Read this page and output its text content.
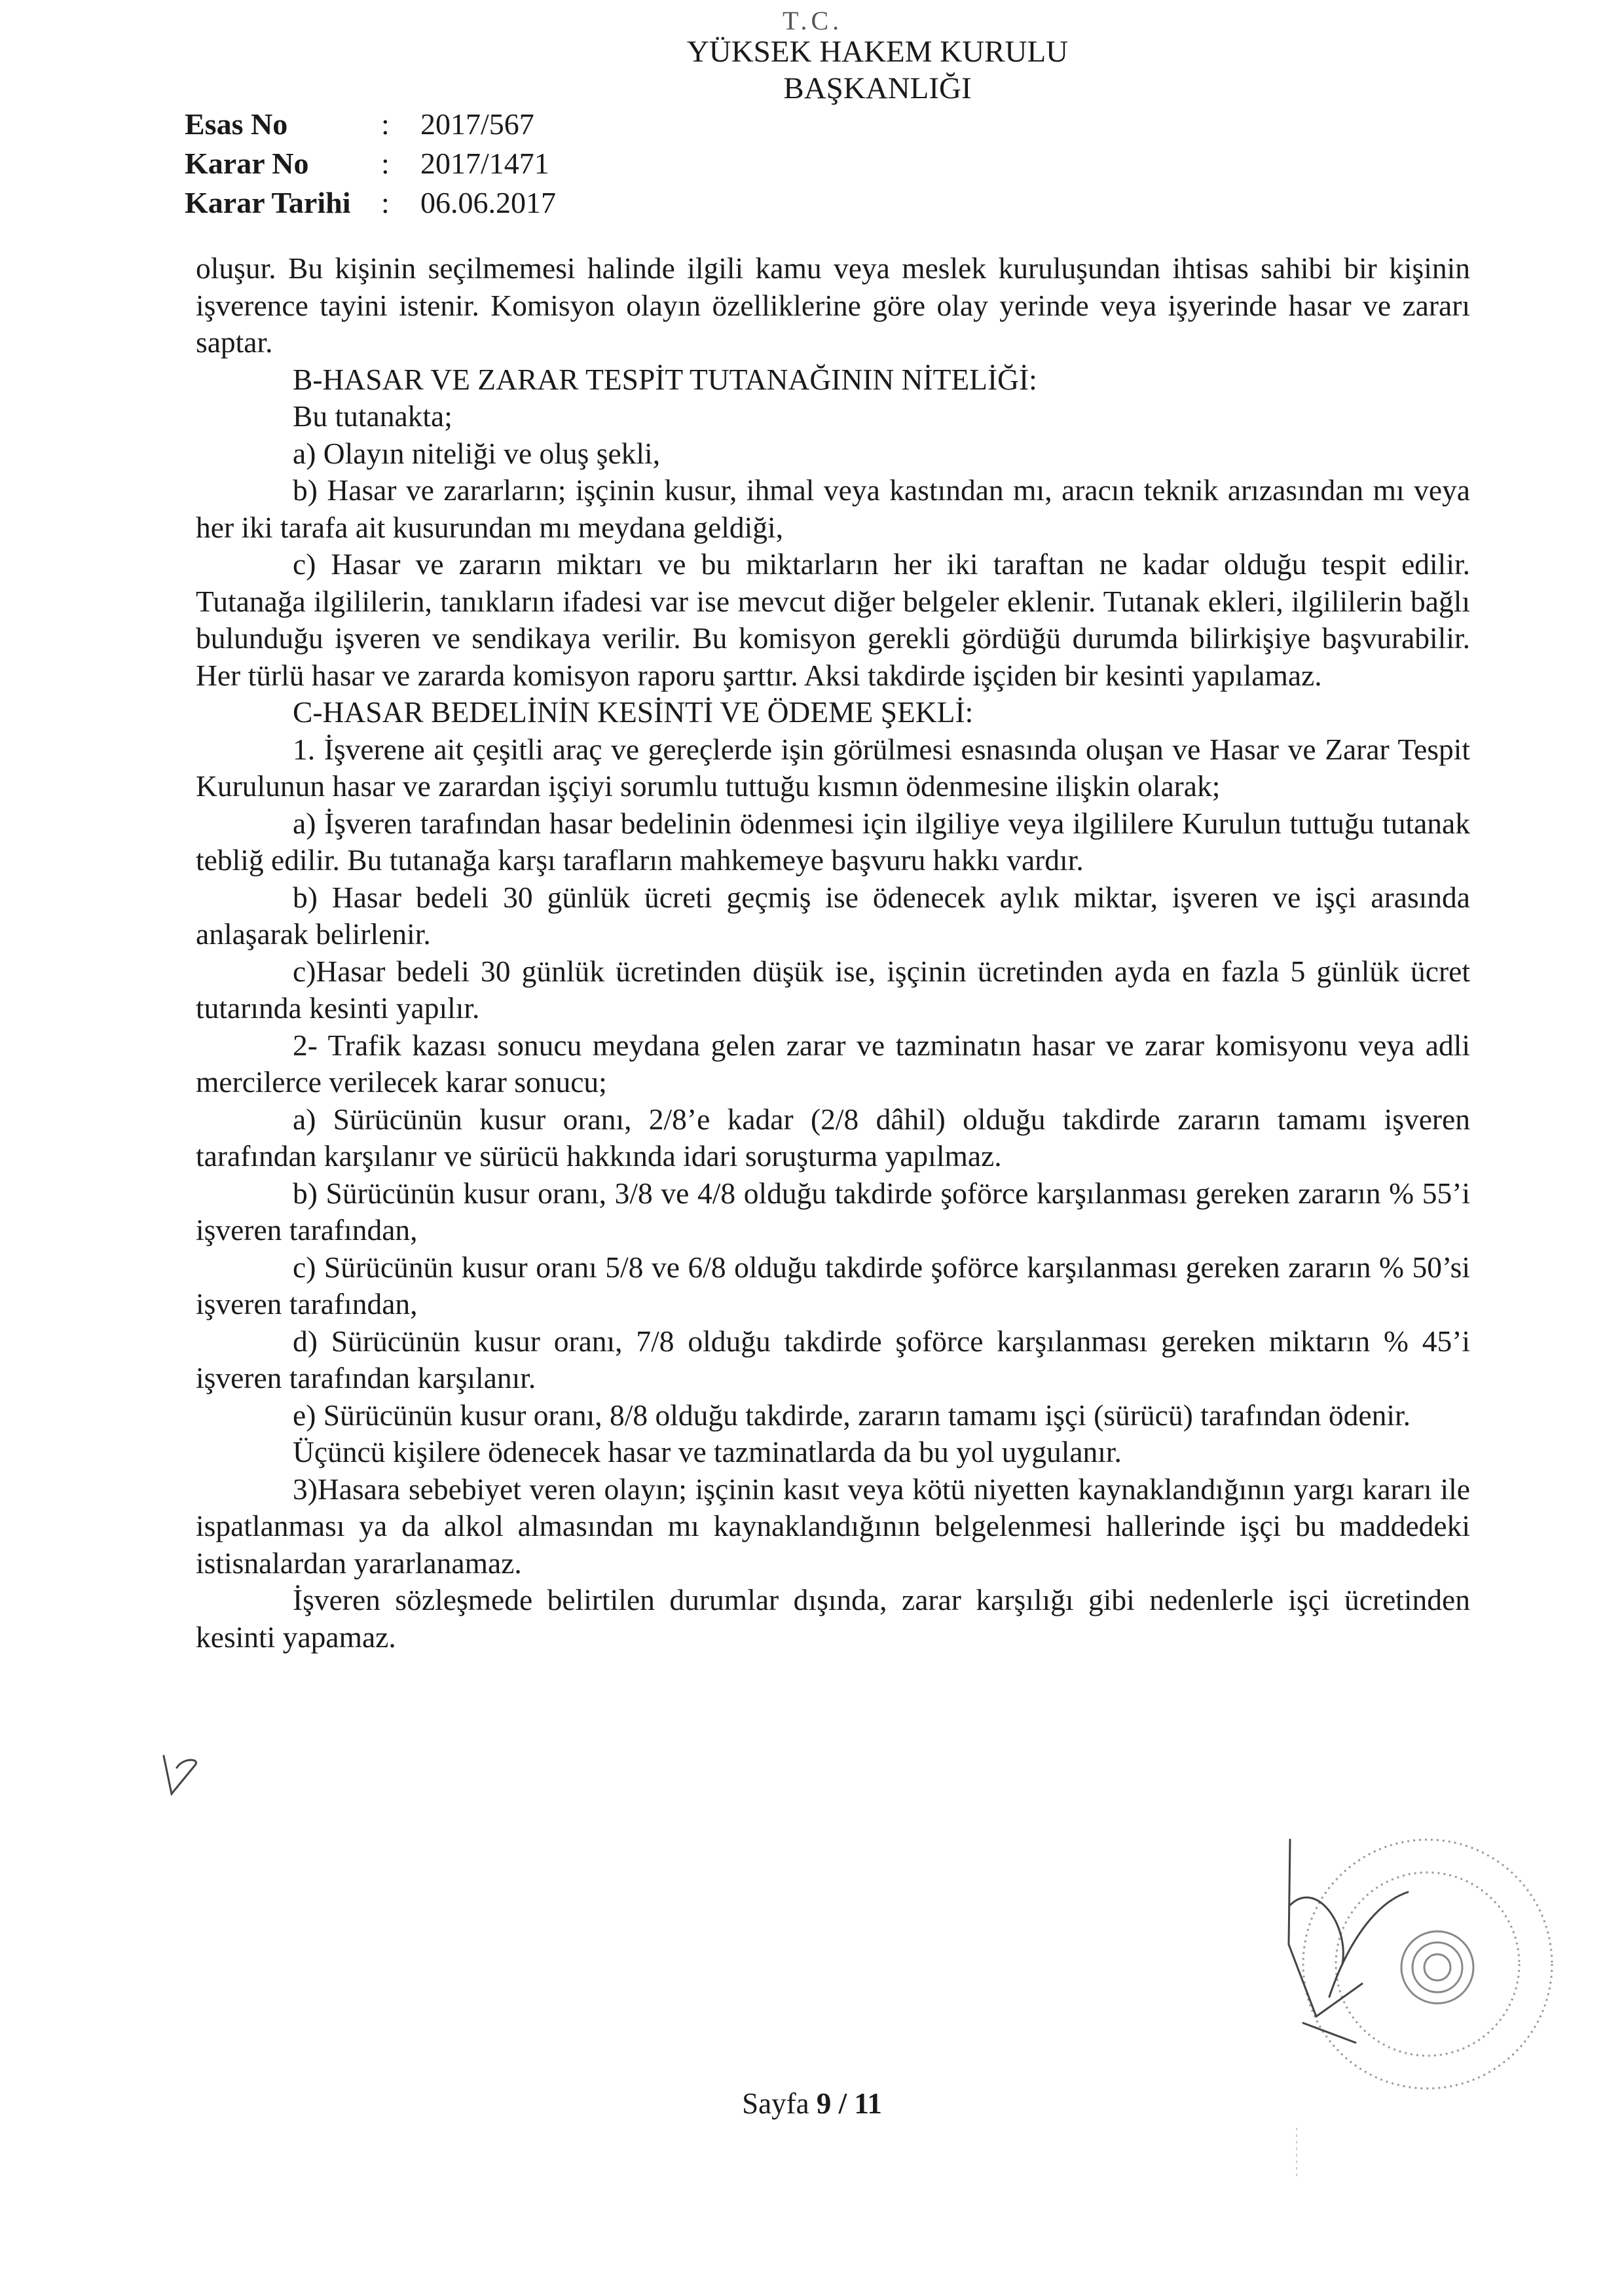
T.C.
YÜKSEK HAKEM KURULU
BAŞKANLIĞI
Esas No	:	2017/567
Karar No	:	2017/1471
Karar Tarihi	:	06.06.2017

oluşur. Bu kişinin seçilmemesi halinde ilgili kamu veya meslek kuruluşundan ihtisas sahibi bir kişinin işverence tayini istenir. Komisyon olayın özelliklerine göre olay yerinde veya işyerinde hasar ve zararı saptar.

B-HASAR VE ZARAR TESPİT TUTANAĞININ NİTELİĞİ:

Bu tutanakta;

a) Olayın niteliği ve oluş şekli,

b) Hasar ve zararların; işçinin kusur, ihmal veya kastından mı, aracın teknik arızasından mı veya her iki tarafa ait kusurundan mı meydana geldiği,

c) Hasar ve zararın miktarı ve bu miktarların her iki taraftan ne kadar olduğu tespit edilir. Tutanağa ilgililerin, tanıkların ifadesi var ise mevcut diğer belgeler eklenir. Tutanak ekleri, ilgililerin bağlı bulunduğu işveren ve sendikaya verilir. Bu komisyon gerekli gördüğü durumda bilirkişiye başvurabilir. Her türlü hasar ve zararda komisyon raporu şarttır. Aksi takdirde işçiden bir kesinti yapılamaz.

C-HASAR BEDELİNİN KESİNTİ VE ÖDEME ŞEKLİ:

1. İşverene ait çeşitli araç ve gereçlerde işin görülmesi esnasında oluşan ve Hasar ve Zarar Tespit Kurulunun hasar ve zarardan işçiyi sorumlu tuttuğu kısmın ödenmesine ilişkin olarak;

a) İşveren tarafından hasar bedelinin ödenmesi için ilgiliye veya ilgililere Kurulun tuttuğu tutanak tebliğ edilir. Bu tutanağa karşı tarafların mahkemeye başvuru hakkı vardır.

b) Hasar bedeli 30 günlük ücreti geçmiş ise ödenecek aylık miktar, işveren ve işçi arasında anlaşarak belirlenir.

c)Hasar bedeli 30 günlük ücretinden düşük ise, işçinin ücretinden ayda en fazla 5 günlük ücret tutarında kesinti yapılır.

2- Trafik kazası sonucu meydana gelen zarar ve tazminatın hasar ve zarar komisyonu veya adli mercilerce verilecek karar sonucu;

a) Sürücünün kusur oranı, 2/8’e kadar (2/8 dâhil) olduğu takdirde zararın tamamı işveren tarafından karşılanır ve sürücü hakkında idari soruşturma yapılmaz.

b) Sürücünün kusur oranı, 3/8 ve 4/8 olduğu takdirde şoförce karşılanması gereken zararın % 55’i işveren tarafından,

c) Sürücünün kusur oranı 5/8 ve 6/8 olduğu takdirde şoförce karşılanması gereken zararın % 50’si işveren tarafından,

d) Sürücünün kusur oranı, 7/8 olduğu takdirde şoförce karşılanması gereken miktarın % 45’i işveren tarafından karşılanır.

e) Sürücünün kusur oranı, 8/8 olduğu takdirde, zararın tamamı işçi (sürücü) tarafından ödenir.

Üçüncü kişilere ödenecek hasar ve tazminatlarda da bu yol uygulanır.

3)Hasara sebebiyet veren olayın; işçinin kasıt veya kötü niyetten kaynaklandığının yargı kararı ile ispatlanması ya da alkol almasından mı kaynaklandığının belgelenmesi hallerinde işçi bu maddedeki istisnalardan yararlanamaz.

İşveren sözleşmede belirtilen durumlar dışında, zarar karşılığı gibi nedenlerle işçi ücretinden kesinti yapamaz.

Sayfa 9 / 11
